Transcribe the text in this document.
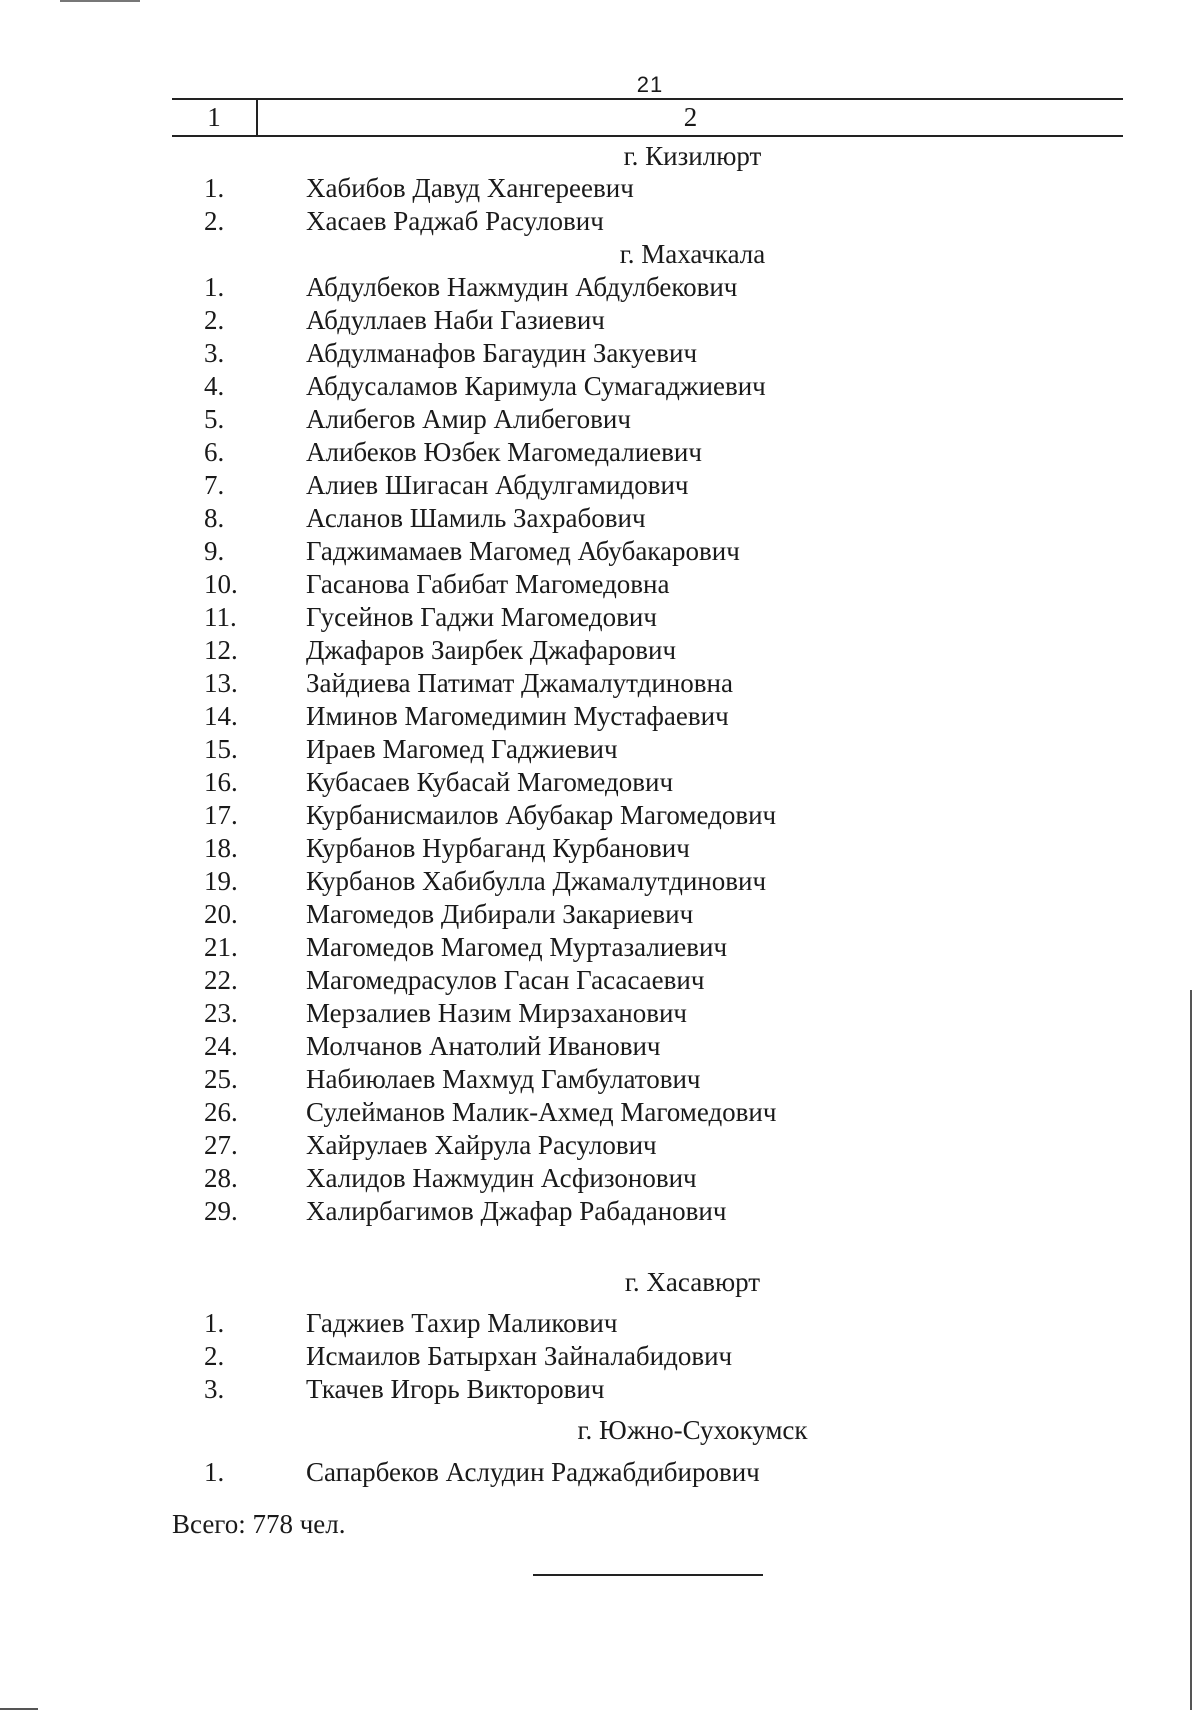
21
1	2
г. Кизилюрт
1.	Хабибов Давуд Хангереевич
2.	Хасаев Раджаб Расулович
г. Махачкала
1.	Абдулбеков Нажмудин Абдулбекович
2.	Абдуллаев Наби Газиевич
3.	Абдулманафов Багаудин Закуевич
4.	Абдусаламов Каримула Сумагаджиевич
5.	Алибегов Амир Алибегович
6.	Алибеков Юзбек Магомедалиевич
7.	Алиев Шигасан Абдулгамидович
8.	Асланов Шамиль Захрабович
9.	Гаджимамаев Магомед Абубакарович
10.	Гасанова Габибат Магомедовна
11.	Гусейнов Гаджи Магомедович
12.	Джафаров Заирбек Джафарович
13.	Зайдиева Патимат Джамалутдиновна
14.	Иминов Магомедимин Мустафаевич
15.	Ираев Магомед Гаджиевич
16.	Кубасаев Кубасай Магомедович
17.	Курбанисмаилов Абубакар Магомедович
18.	Курбанов Нурбаганд Курбанович
19.	Курбанов Хабибулла Джамалутдинович
20.	Магомедов Дибирали Закариевич
21.	Магомедов Магомед Муртазалиевич
22.	Магомедрасулов Гасан Гасасаевич
23.	Мерзалиев Назим Мирзаханович
24.	Молчанов Анатолий Иванович
25.	Набиюлаев Махмуд Гамбулатович
26.	Сулейманов Малик-Ахмед Магомедович
27.	Хайрулаев Хайрула Расулович
28.	Халидов Нажмудин Асфизонович
29.	Халирбагимов Джафар Рабаданович
г. Хасавюрт
1.	Гаджиев Тахир Маликович
2.	Исмаилов Батырхан Зайналабидович
3.	Ткачев Игорь Викторович
г. Южно-Сухокумск
1.	Сапарбеков Аслудин Раджабдибирович
Всего: 778 чел.
